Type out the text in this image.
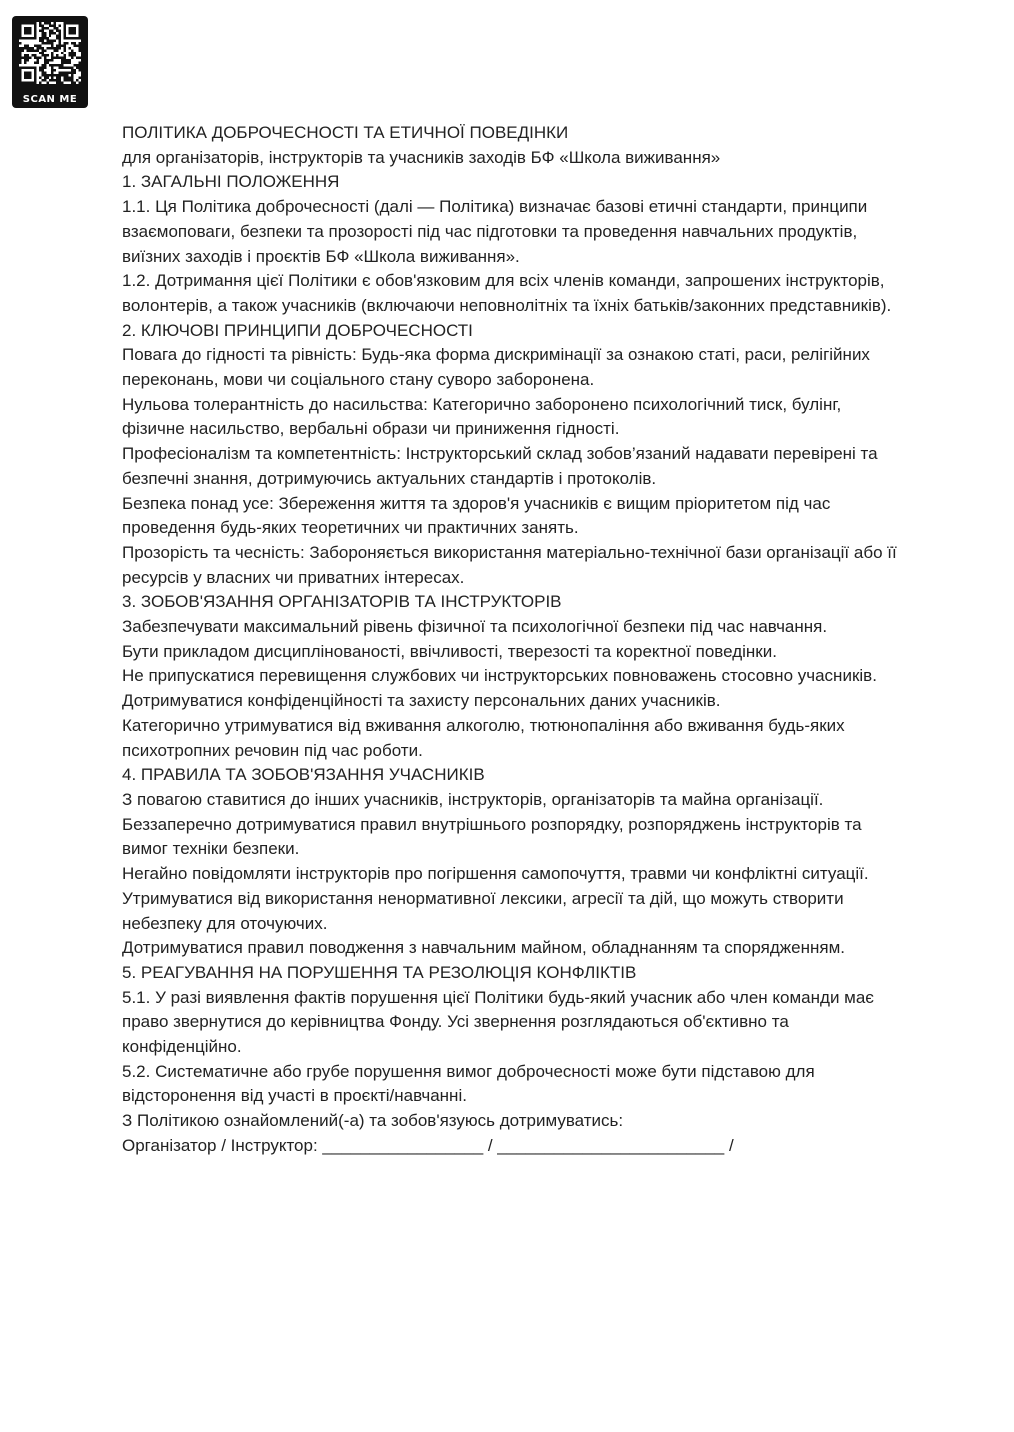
SCAN ME

ПОЛІТИКА ДОБРОЧЕСНОСТІ ТА ЕТИЧНОЇ ПОВЕДІНКИ

для організаторів, інструкторів та учасників заходів БФ «Школа виживання»

1. ЗАГАЛЬНІ ПОЛОЖЕННЯ

1.1. Ця Політика доброчесності (далі — Політика) визначає базові етичні стандарти, принципи взаємоповаги, безпеки та прозорості під час підготовки та проведення навчальних продуктів, виїзних заходів і проєктів БФ «Школа виживання».

1.2. Дотримання цієї Політики є обов'язковим для всіх членів команди, запрошених інструкторів, волонтерів, а також учасників (включаючи неповнолітніх та їхніх батьків/законних представників).

2. КЛЮЧОВІ ПРИНЦИПИ ДОБРОЧЕСНОСТІ

Повага до гідності та рівність: Будь-яка форма дискримінації за ознакою статі, раси, релігійних переконань, мови чи соціального стану суворо заборонена.

Нульова толерантність до насильства: Категорично заборонено психологічний тиск, булінг, фізичне насильство, вербальні образи чи приниження гідності.

Професіоналізм та компетентність: Інструкторський склад зобов’язаний надавати перевірені та безпечні знання, дотримуючись актуальних стандартів і протоколів.

Безпека понад усе: Збереження життя та здоров'я учасників є вищим пріоритетом під час проведення будь-яких теоретичних чи практичних занять.

Прозорість та чесність: Забороняється використання матеріально-технічної бази організації або її ресурсів у власних чи приватних інтересах.

3. ЗОБОВ'ЯЗАННЯ ОРГАНІЗАТОРІВ ТА ІНСТРУКТОРІВ

Забезпечувати максимальний рівень фізичної та психологічної безпеки під час навчання.

Бути прикладом дисциплінованості, ввічливості, тверезості та коректної поведінки.

Не припускатися перевищення службових чи інструкторських повноважень стосовно учасників.

Дотримуватися конфіденційності та захисту персональних даних учасників.

Категорично утримуватися від вживання алкоголю, тютюнопаління або вживання будь-яких психотропних речовин під час роботи.

4. ПРАВИЛА ТА ЗОБОВ'ЯЗАННЯ УЧАСНИКІВ

З повагою ставитися до інших учасників, інструкторів, організаторів та майна організації.

Беззаперечно дотримуватися правил внутрішнього розпорядку, розпоряджень інструкторів та вимог техніки безпеки.

Негайно повідомляти інструкторів про погіршення самопочуття, травми чи конфліктні ситуації.

Утримуватися від використання ненормативної лексики, агресії та дій, що можуть створити небезпеку для оточуючих.

Дотримуватися правил поводження з навчальним майном, обладнанням та спорядженням.

5. РЕАГУВАННЯ НА ПОРУШЕННЯ ТА РЕЗОЛЮЦІЯ КОНФЛІКТІВ

5.1. У разі виявлення фактів порушення цієї Політики будь-який учасник або член команди має право звернутися до керівництва Фонду. Усі звернення розглядаються об'єктивно та конфіденційно.

5.2. Систематичне або грубе порушення вимог доброчесності може бути підставою для відсторонення від участі в проєкті/навчанні.

З Політикою ознайомлений(-а) та зобов'язуюсь дотримуватись:

Організатор / Інструктор: _________________ / ________________________ /
